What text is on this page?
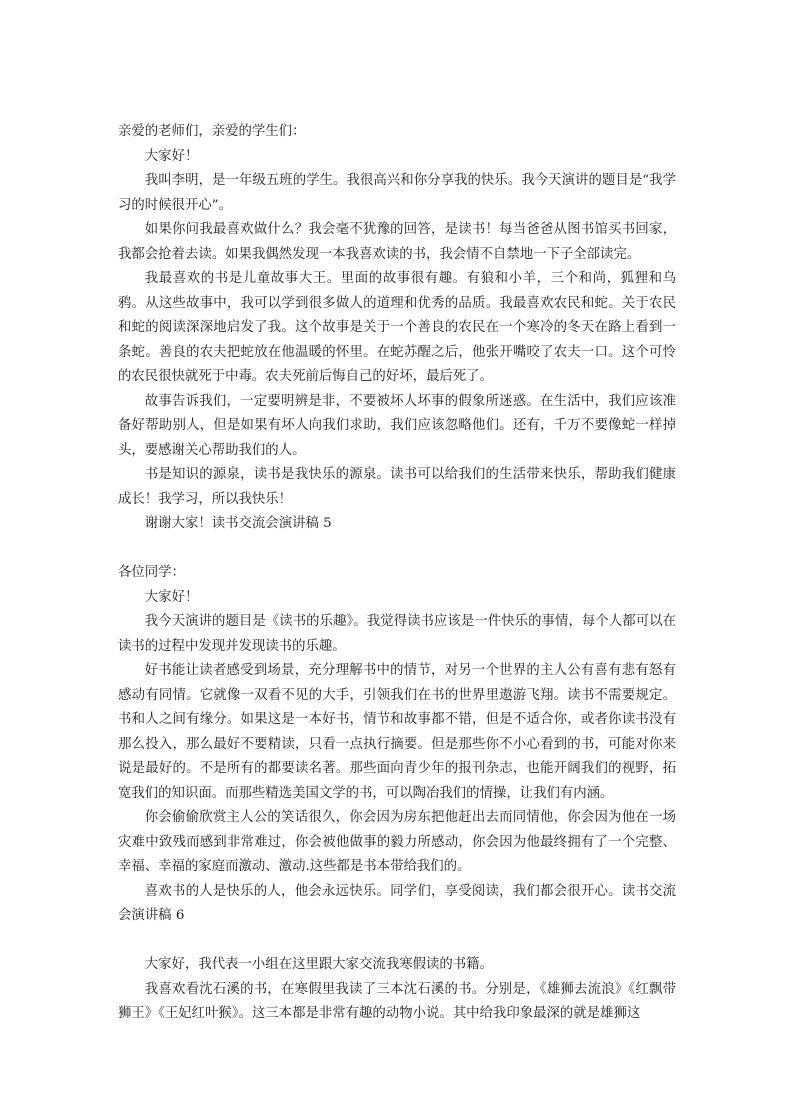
亲爱的老师们，亲爱的学生们：

大家好！

我叫李明，是一年级五班的学生。我很高兴和你分享我的快乐。我今天演讲的题目是“我学习的时候很开心”。

如果你问我最喜欢做什么？我会毫不犹豫的回答，是读书！每当爸爸从图书馆买书回家，我都会抢着去读。如果我偶然发现一本我喜欢读的书，我会情不自禁地一下子全部读完。

我最喜欢的书是儿童故事大王。里面的故事很有趣。有狼和小羊，三个和尚，狐狸和乌鸦。从这些故事中，我可以学到很多做人的道理和优秀的品质。我最喜欢农民和蛇。关于农民和蛇的阅读深深地启发了我。这个故事是关于一个善良的农民在一个寒冷的冬天在路上看到一条蛇。善良的农夫把蛇放在他温暖的怀里。在蛇苏醒之后，他张开嘴咬了农夫一口。这个可怜的农民很快就死于中毒。农夫死前后悔自己的好坏，最后死了。

故事告诉我们，一定要明辨是非，不要被坏人坏事的假象所迷惑。在生活中，我们应该准备好帮助别人，但是如果有坏人向我们求助，我们应该忽略他们。还有，千万不要像蛇一样掉头，要感谢关心帮助我们的人。

书是知识的源泉，读书是我快乐的源泉。读书可以给我们的生活带来快乐，帮助我们健康成长！我学习，所以我快乐！

谢谢大家！读书交流会演讲稿 5

各位同学：

大家好！

我今天演讲的题目是《读书的乐趣》。我觉得读书应该是一件快乐的事情，每个人都可以在读书的过程中发现并发现读书的乐趣。

好书能让读者感受到场景，充分理解书中的情节，对另一个世界的主人公有喜有悲有怒有感动有同情。它就像一双看不见的大手，引领我们在书的世界里遨游飞翔。读书不需要规定。书和人之间有缘分。如果这是一本好书，情节和故事都不错，但是不适合你，或者你读书没有那么投入，那么最好不要精读，只看一点执行摘要。但是那些你不小心看到的书，可能对你来说是最好的。不是所有的都要读名著。那些面向青少年的报刊杂志，也能开阔我们的视野，拓宽我们的知识面。而那些精选美国文学的书，可以陶冶我们的情操，让我们有内涵。

你会偷偷欣赏主人公的笑话很久，你会因为房东把他赶出去而同情他，你会因为他在一场灾难中致残而感到非常难过，你会被他做事的毅力所感动，你会因为他最终拥有了一个完整、幸福、幸福的家庭而激动、激动.这些都是书本带给我们的。

喜欢书的人是快乐的人，他会永远快乐。同学们，享受阅读，我们都会很开心。读书交流会演讲稿 6

大家好，我代表一小组在这里跟大家交流我寒假读的书籍。

我喜欢看沈石溪的书，在寒假里我读了三本沈石溪的书。分别是，《雄狮去流浪》《红飘带狮王》《王妃红叶猴》。这三本都是非常有趣的动物小说。其中给我印象最深的就是雄狮这
